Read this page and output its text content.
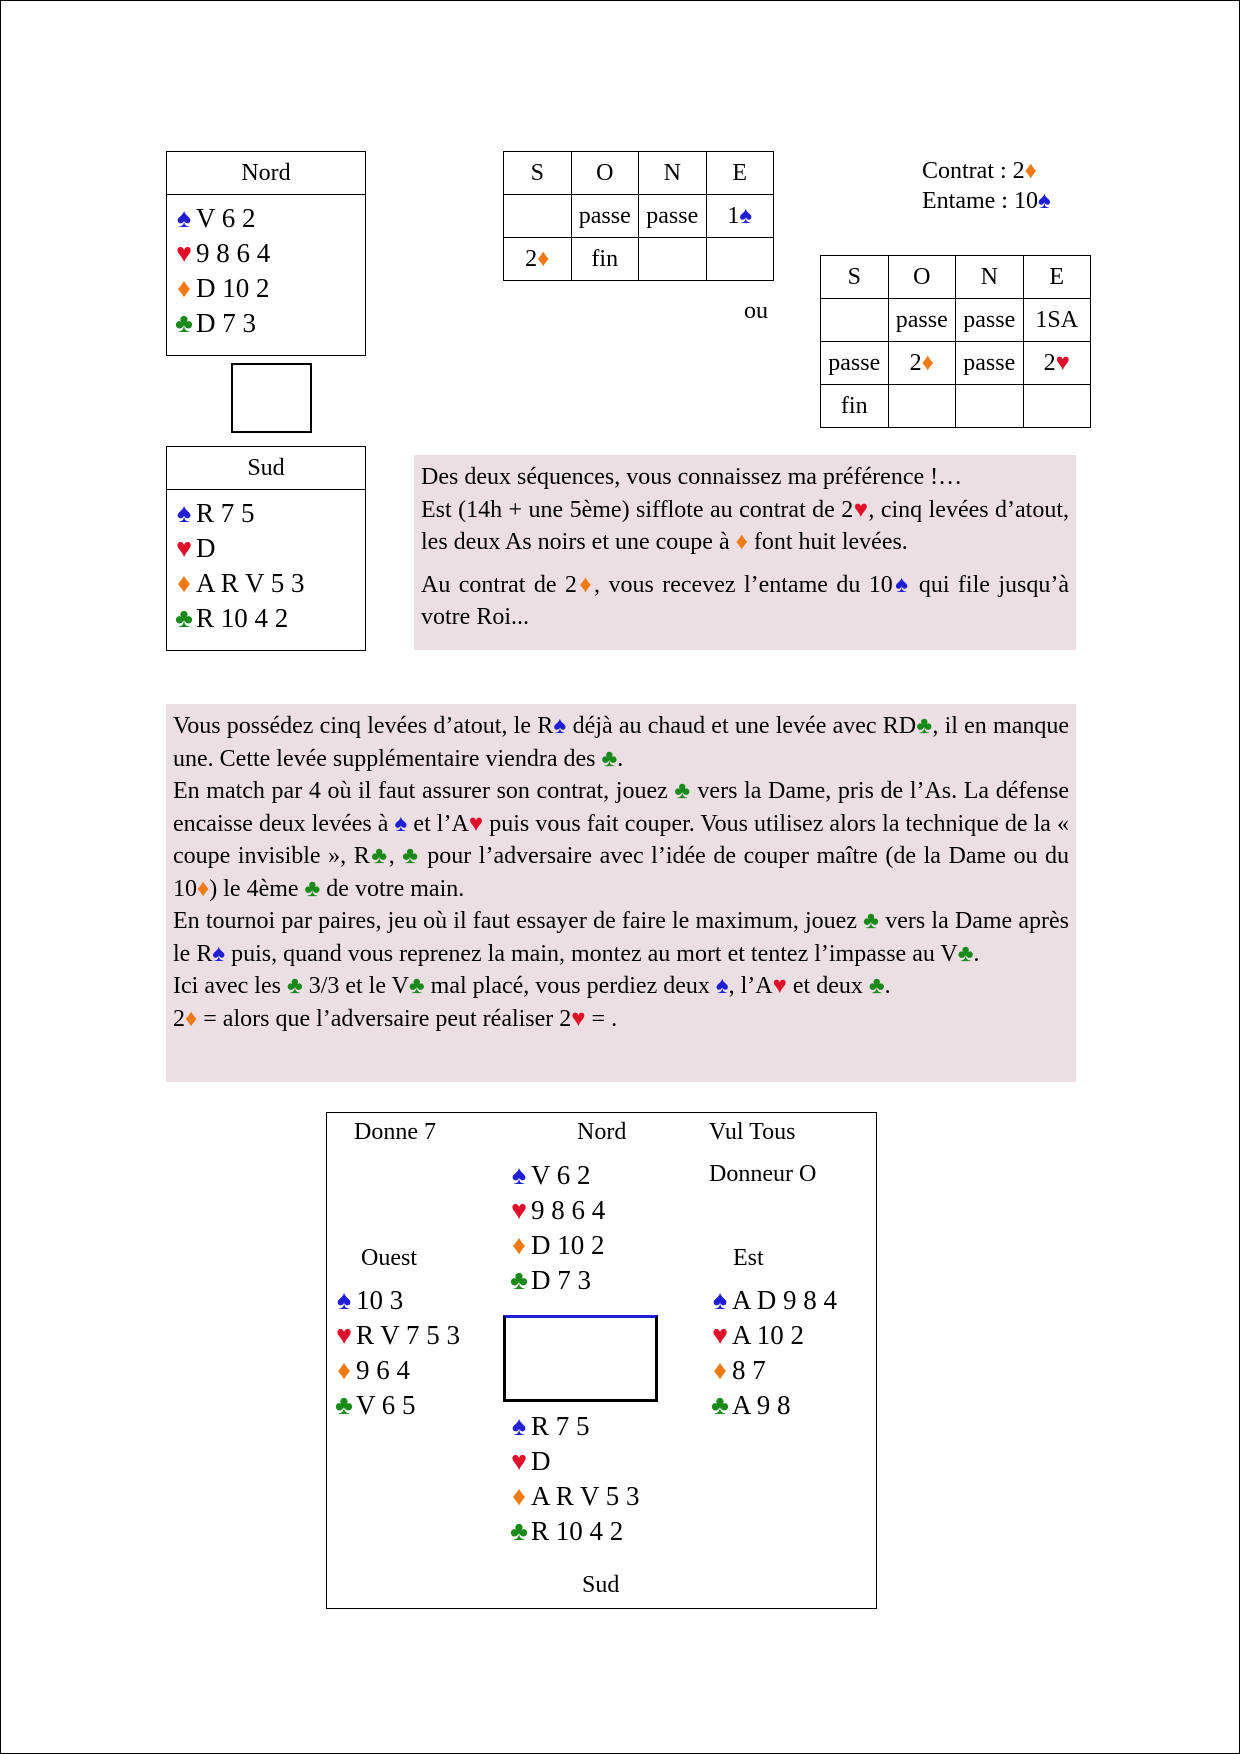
Nord
♠ V 6 2
♥ 9 8 6 4
♦ D 10 2
♣ D 7 3
Sud
♠ R 7 5
♥ D
♦ A R V 5 3
♣ R 10 4 2
S	O	N	E
	passe	passe	1♠
2♦	fin		
Contrat : 2♦
Entame : 10♠
ou
S	O	N	E
	passe	passe	1SA
passe	2♦	passe	2♥
fin			

Des deux séquences, vous connaissez ma préférence !…

Est (14h + une 5ème) sifflote au contrat de 2♥, cinq levées d’atout, les deux As noirs et une coupe à ♦ font huit levées.

Au contrat de 2♦, vous recevez l’entame du 10♠ qui file jusqu’à votre Roi...

Vous possédez cinq levées d’atout, le R♠ déjà au chaud et une levée avec RD♣, il en manque une. Cette levée supplémentaire viendra des ♣.

En match par 4 où il faut assurer son contrat, jouez ♣ vers la Dame, pris de l’As. La défense encaisse deux levées à ♠ et l’A♥ puis vous fait couper. Vous utilisez alors la technique de la « coupe invisible », R♣, ♣ pour l’adversaire avec l’idée de couper maître (de la Dame ou du 10♦) le 4ème ♣ de votre main.

En tournoi par paires, jeu où il faut essayer de faire le maximum, jouez ♣ vers la Dame après le R♠ puis, quand vous reprenez la main, montez au mort et tentez l’impasse au V♣.

Ici avec les ♣ 3/3 et le V♣ mal placé, vous perdiez deux ♠, l’A♥ et deux ♣.

2♦ = alors que l’adversaire peut réaliser 2♥ = .

Donne 7	Nord	Vul Tous
Donneur O
♠ V 6 2
♥ 9 8 6 4
♦ D 10 2
♣ D 7 3
Ouest	Est
♠ 10 3
♥ R V 7 5 3
♦ 9 6 4
♣ V 6 5
♠ A D 9 8 4
♥ A 10 2
♦ 8 7
♣ A 9 8
♠ R 7 5
♥ D
♦ A R V 5 3
♣ R 10 4 2
Sud
